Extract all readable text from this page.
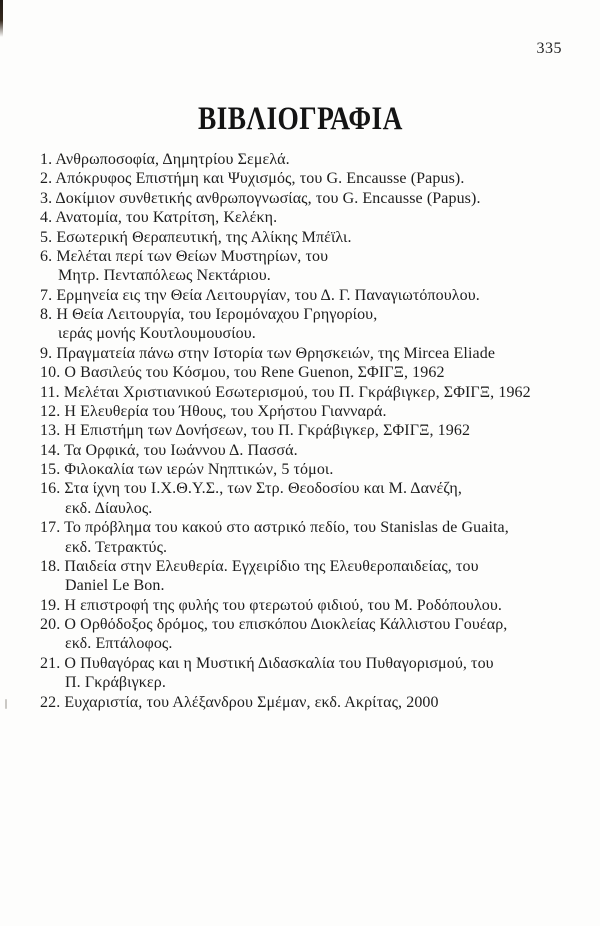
335
ΒΙΒΛΙΟΓΡΑΦΙΑ
1. Ανθρωποσοφία, Δημητρίου Σεμελά.
2. Απόκρυφος Επιστήμη και Ψυχισμός, του G. Encausse (Papus).
3. Δοκίμιον συνθετικής ανθρωπογνωσίας, του G. Encausse (Papus).
4. Ανατομία, του Κατρίτση, Κελέκη.
5. Εσωτερική Θεραπευτική, της Αλίκης Μπέϊλι.
6. Μελέται περί των Θείων Μυστηρίων, του
Μητρ. Πενταπόλεως Νεκτάριου.
7. Ερμηνεία εις την Θεία Λειτουργίαν, του Δ. Γ. Παναγιωτόπουλου.
8. Η Θεία Λειτουργία, του Ιερομόναχου Γρηγορίου,
ιεράς μονής Κουτλουμουσίου.
9. Πραγματεία πάνω στην Ιστορία των Θρησκειών, της Mircea Eliade
10. Ο Βασιλεύς του Κόσμου, του Rene Guenon, ΣΦΙΓΞ, 1962
11. Μελέται Χριστιανικού Εσωτερισμού, του Π. Γκράβιγκερ, ΣΦΙΓΞ, 1962
12. Η Ελευθερία του Ήθους, του Χρήστου Γιανναρά.
13. Η Επιστήμη των Δονήσεων, του Π. Γκράβιγκερ, ΣΦΙΓΞ, 1962
14. Τα Ορφικά, του Ιωάννου Δ. Πασσά.
15. Φιλοκαλία των ιερών Νηπτικών, 5 τόμοι.
16. Στα ίχνη του Ι.Χ.Θ.Υ.Σ., των Στρ. Θεοδοσίου και Μ. Δανέζη,
εκδ. Δίαυλος.
17. Το πρόβλημα του κακού στο αστρικό πεδίο, του Stanislas de Guaita,
εκδ. Τετρακτύς.
18. Παιδεία στην Ελευθερία. Εγχειρίδιο της Ελευθεροπαιδείας, του
Daniel Le Bon.
19. Η επιστροφή της φυλής του φτερωτού φιδιού, του Μ. Ροδόπουλου.
20. Ο Ορθόδοξος δρόμος, του επισκόπου Διοκλείας Κάλλιστου Γουέαρ,
εκδ. Επτάλοφος.
21. Ο Πυθαγόρας και η Μυστική Διδασκαλία του Πυθαγορισμού, του
Π. Γκράβιγκερ.
22. Ευχαριστία, του Αλέξανδρου Σμέμαν, εκδ. Ακρίτας, 2000
